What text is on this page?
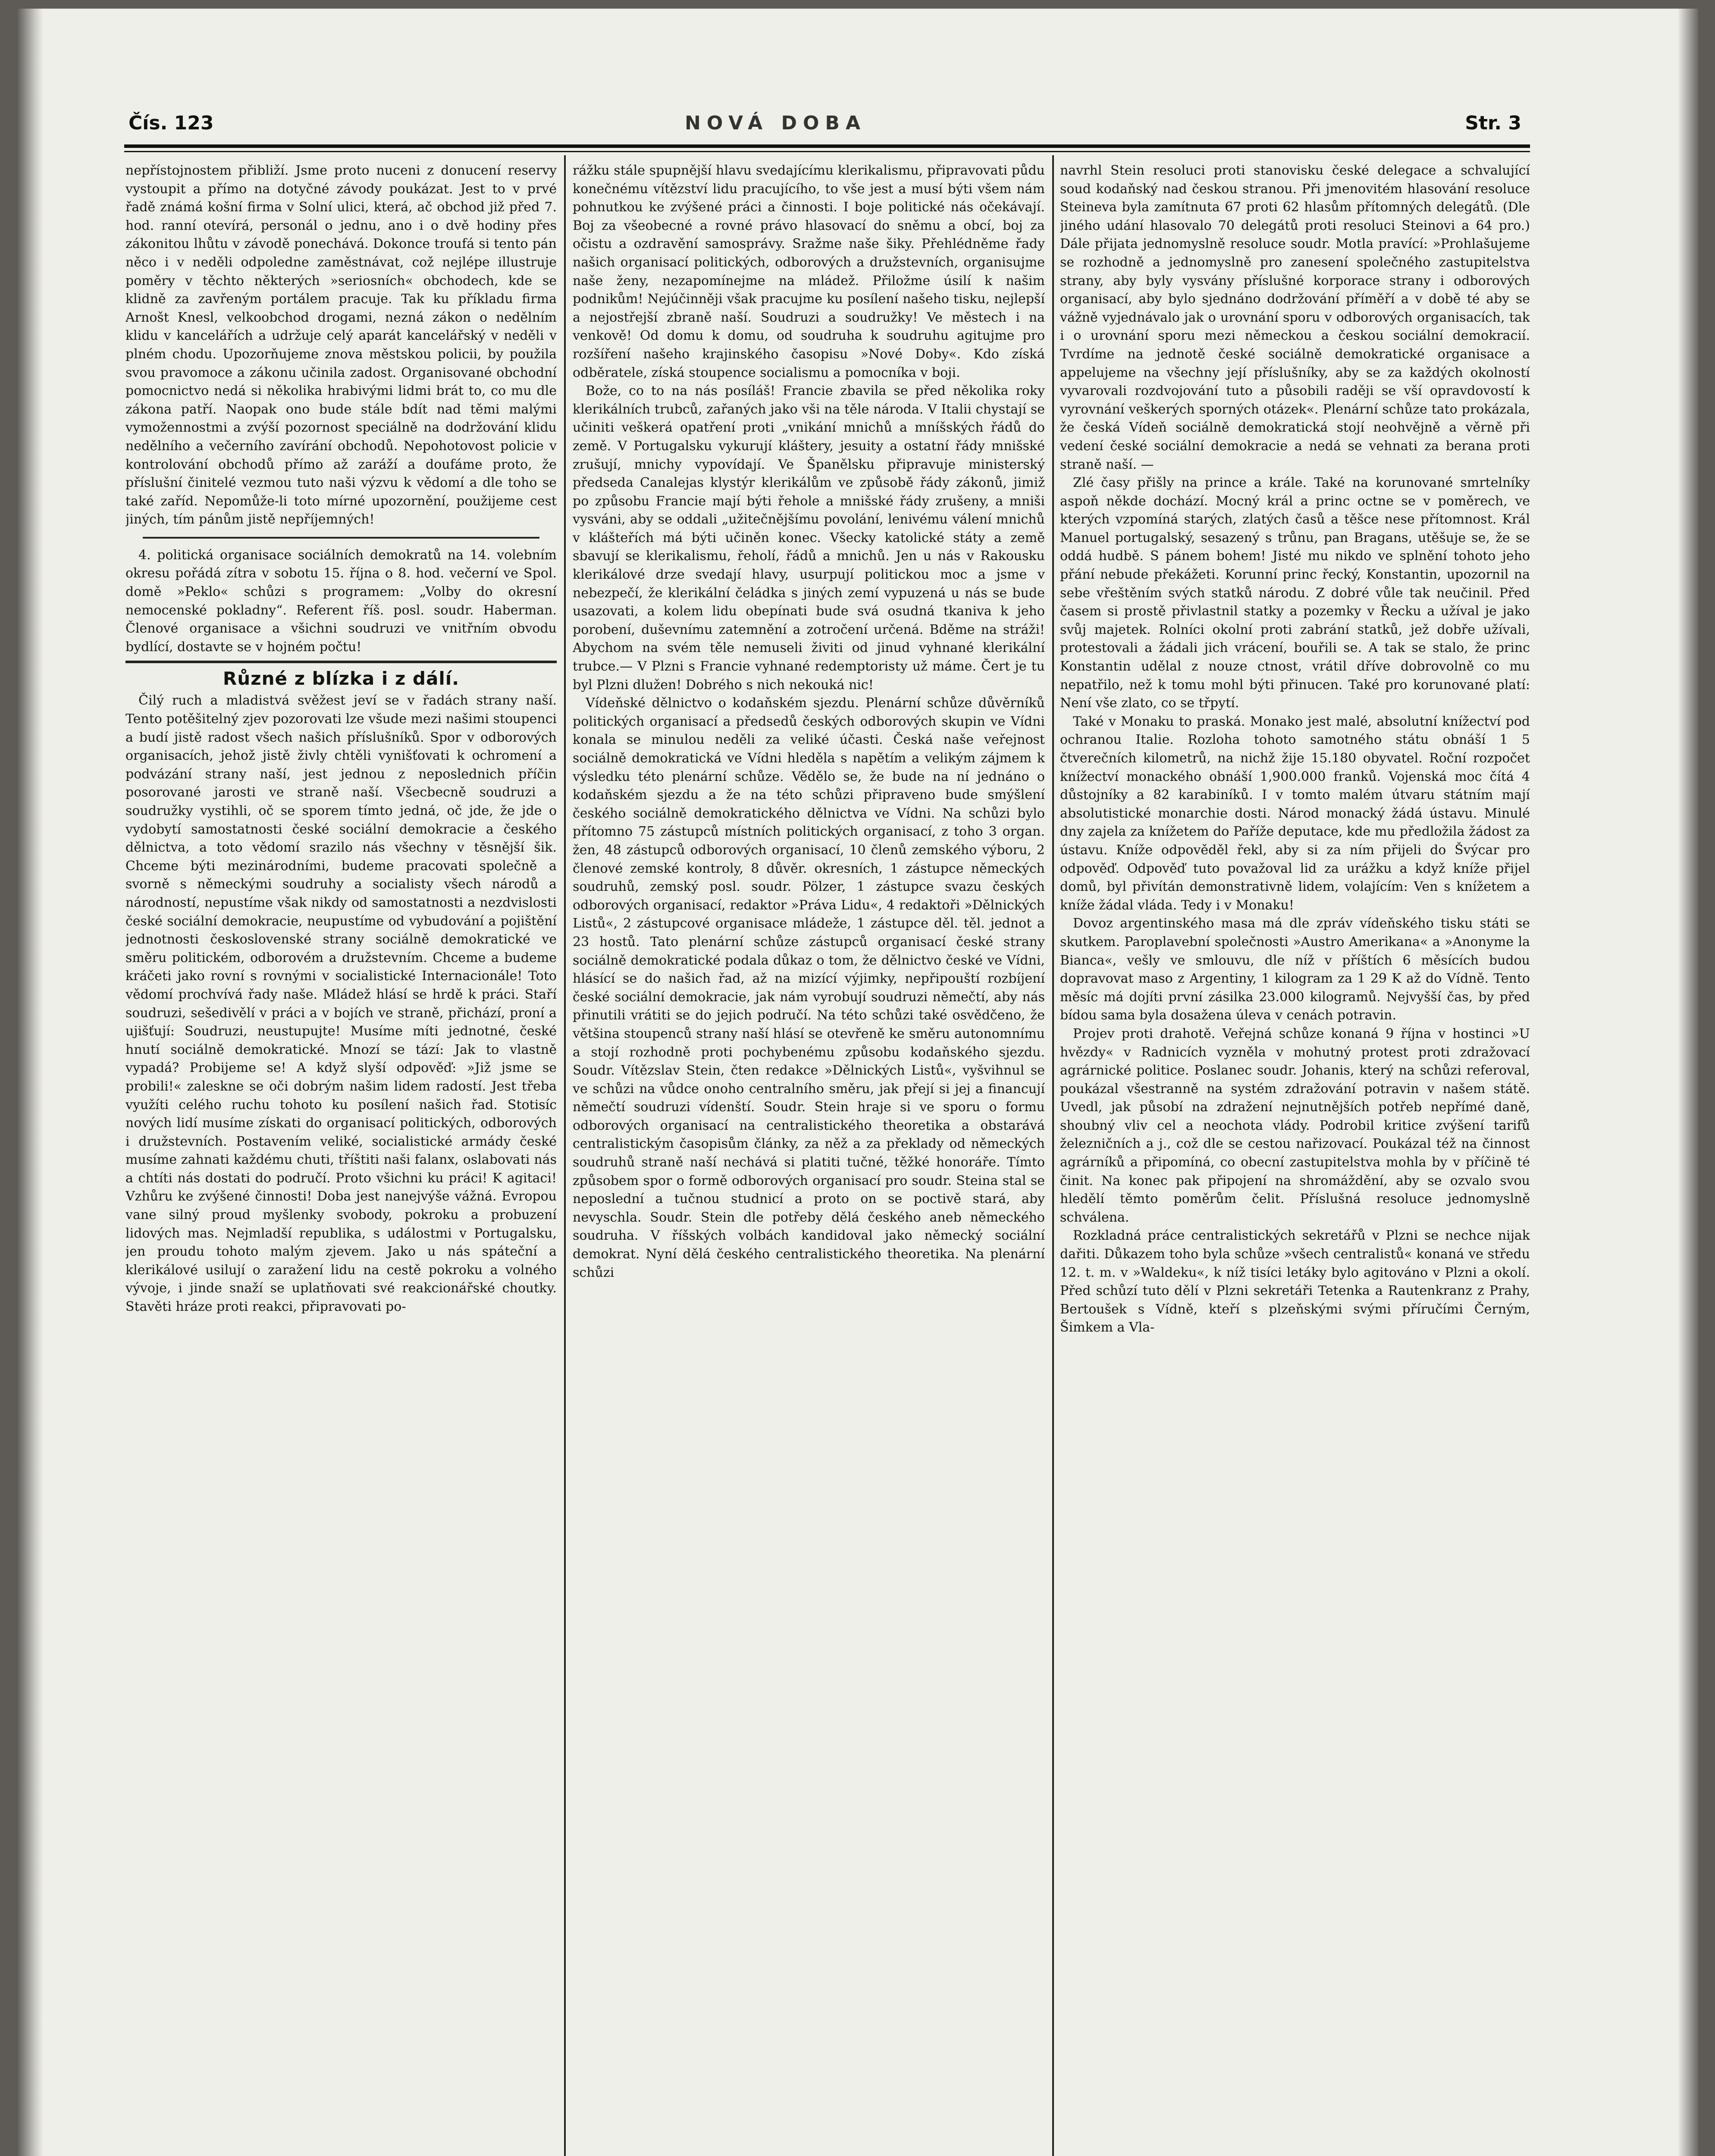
Čís. 123	NOVÁ DOBA	Str. 3

nepřístojnostem přibliží. Jsme proto nuceni z donucení reservy vystoupit a přímo na dotyčné závody poukázat. Jest to v prvé řadě známá košní firma v Solní ulici, která, ač obchod již před 7. hod. ranní otevírá, personál o jednu, ano i o dvě hodiny přes zákonitou lhůtu v závodě ponechává. Dokonce troufá si tento pán něco i v neděli odpoledne zaměstnávat, což nejlépe illustruje poměry v těchto některých »seriosních« obchodech, kde se klidně za zavřeným portálem pracuje. Tak ku příkladu firma Arnošt Knesl, velkoobchod drogami, nezná zákon o nedělním klidu v kancelářích a udržuje celý aparát kancelářský v neděli v plném chodu. Upozorňujeme znova městskou policii, by použila svou pravomoce a zákonu učinila zadost. Organisované obchodní pomocnictvo nedá si několika hrabivými lidmi brát to, co mu dle zákona patří. Naopak ono bude stále bdít nad těmi malými vymožennostmi a zvýší pozornost speciálně na dodržování klidu nedělního a večerního zavírání obchodů. Nepohotovost policie v kontrolování obchodů přímo až zaráží a doufáme proto, že příslušní činitelé vezmou tuto naši výzvu k vědomí a dle toho se také zaříd. Nepomůže-li toto mírné upozornění, použijeme cest jiných, tím pánům jistě nepříjemných!

4. politická organisace sociálních demokratů na 14. volebním okresu pořádá zítra v sobotu 15. října o 8. hod. večerní ve Spol. domě »Peklo« schůzi s programem: „Volby do okresní nemocenské pokladny“. Referent říš. posl. soudr. Haberman. Členové organisace a všichni soudruzi ve vnitřním obvodu bydlící, dostavte se v hojném počtu!

Různé z blízka i z dálí.

Čilý ruch a mladistvá svěžest jeví se v řadách strany naší. Tento potěšitelný zjev pozorovati lze všude mezi našimi stoupenci a budí jistě radost všech našich příslušníků. Spor v odborových organisacích, jehož jistě živly chtěli vynišťovati k ochromení a podvázání strany naší, jest jednou z neposlednich příčin posorované jarosti ve straně naší. Všecbecně soudruzi a soudružky vystihli, oč se sporem tímto jedná, oč jde, že jde o vydobytí samostatnosti české sociální demokracie a českého dělnictva, a toto vědomí srazilo nás všechny v těsnější šik. Chceme býti mezinárodními, budeme pracovati společně a svorně s německými soudruhy a socialisty všech národů a národností, nepustíme však nikdy od samostatnosti a nezdvislosti české sociální demokracie, neupustíme od vybudování a pojištění jednotnosti československé strany sociálně demokratické ve směru politickém, odborovém a družstevním. Chceme a budeme kráčeti jako rovní s rovnými v socialistické Internacionále! Toto vědomí prochvívá řady naše. Mládež hlásí se hrdě k práci. Staří soudruzi, sešedivělí v práci a v bojích ve straně, přichází, proní a ujišťují: Soudruzi, neustupujte! Musíme míti jednotné, české hnutí sociálně demokratické. Mnozí se tází: Jak to vlastně vypadá? Probijeme se! A když slyší odpověď: »Již jsme se probili!« zaleskne se oči dobrým našim lidem radostí. Jest třeba využíti celého ruchu tohoto ku posílení našich řad. Stotisíc nových lidí musíme získati do organisací politických, odborových i družstevních. Postavením veliké, socialistické armády české musíme zahnati každému chuti, tříštiti naši falanx, oslabovati nás a chtíti nás dostati do područí. Proto všichni ku práci! K agitaci! Vzhůru ke zvýšené činnosti! Doba jest nanejvýše vážná. Evropou vane silný proud myšlenky svobody, pokroku a probuzení lidových mas. Nejmladší republika, s událostmi v Portugalsku, jen proudu tohoto malým zjevem. Jako u nás spáteční a klerikálové usilují o zaražení lidu na cestě pokroku a volného vývoje, i jinde snaží se uplatňovati své reakcionářské choutky. Stavěti hráze proti reakci, připravovati po-

rážku stále spupnější hlavu svedajícímu klerikalismu, připravovati půdu konečnému vítězství lidu pracujícího, to vše jest a musí býti všem nám pohnutkou ke zvýšené práci a činnosti. I boje politické nás očekávají. Boj za všeobecné a rovné právo hlasovací do sněmu a obcí, boj za očistu a ozdravění samosprávy. Sražme naše šiky. Přehlédněme řady našich organisací politických, odborových a družstevních, organisujme naše ženy, nezapomínejme na mládež. Přiložme úsilí k našim podnikům! Nejúčinněji však pracujme ku posílení našeho tisku, nejlepší a nejostřejší zbraně naší. Soudruzi a soudružky! Ve městech i na venkově! Od domu k domu, od soudruha k soudruhu agitujme pro rozšíření našeho krajinského časopisu »Nové Doby«. Kdo získá odběratele, získá stoupence socialismu a pomocníka v boji.

Bože, co to na nás posíláš! Francie zbavila se před několika roky klerikálních trubců, zařaných jako vši na těle národa. V Italii chystají se učiniti veškerá opatření proti „vnikání mnichů a mníšských řádů do země. V Portugalsku vykurují kláštery, jesuity a ostatní řády mnišské zrušují, mnichy vypovídají. Ve Španělsku připravuje ministerský předseda Canalejas klystýr klerikálům ve způsobě řády zákonů, jimiž po způsobu Francie mají býti řehole a mnišské řády zrušeny, a mniši vysváni, aby se oddali „užitečnějšímu povolání, lenivému válení mnichů v klášteřích má býti učiněn konec. Všecky katolické státy a země sbavují se klerikalismu, řeholí, řádů a mnichů. Jen u nás v Rakousku klerikálové drze svedají hlavy, usurpují politickou moc a jsme v nebezpečí, že klerikální čeládka s jiných zemí vypuzená u nás se bude usazovati, a kolem lidu obepínati bude svá osudná tkaniva k jeho porobení, duševnímu zatemnění a zotročení určená. Bděme na stráži! Abychom na svém těle nemuseli živiti od jinud vyhnané klerikální trubce.— V Plzni s Francie vyhnané redemptoristy už máme. Čert je tu byl Plzni dlužen! Dobrého s nich nekouká nic!

Vídeňské dělnictvo o kodaňském sjezdu. Plenární schůze důvěrníků politických organisací a předsedů českých odborových skupin ve Vídni konala se minulou neděli za veliké účasti. Česká naše veřejnost sociálně demokratická ve Vídni hleděla s napětím a velikým zájmem k výsledku této plenární schůze. Vědělo se, že bude na ní jednáno o kodaňském sjezdu a že na této schůzi připraveno bude smýšlení českého sociálně demokratického dělnictva ve Vídni. Na schůzi bylo přítomno 75 zástupců místních politických organisací, z toho 3 organ. žen, 48 zástupců odborových organisací, 10 členů zemského výboru, 2 členové zemské kontroly, 8 důvěr. okresních, 1 zástupce německých soudruhů, zemský posl. soudr. Pölzer, 1 zástupce svazu českých odborových organisací, redaktor »Práva Lidu«, 4 redaktoři »Dělnických Listů«, 2 zástupcové organisace mládeže, 1 zástupce děl. těl. jednot a 23 hostů. Tato plenární schůze zástupců organisací české strany sociálně demokratické podala důkaz o tom, že dělnictvo české ve Vídni, hlásící se do našich řad, až na mizící výjimky, nepřipouští rozbíjení české sociální demokracie, jak nám vyrobují soudruzi němečtí, aby nás přinutili vrátiti se do jejich područí. Na této schůzi také osvědčeno, že většina stoupenců strany naší hlásí se otevřeně ke směru autonomnímu a stojí rozhodně proti pochybenému způsobu kodaňského sjezdu. Soudr. Vítězslav Stein, čten redakce »Dělnických Listů«, vyšvihnul se ve schůzi na vůdce onoho centralního směru, jak přejí si jej a financují němečtí soudruzi vídenští. Soudr. Stein hraje si ve sporu o formu odborových organisací na centralistického theoretika a obstarává centralistickým časopisům články, za něž a za překlady od německých soudruhů straně naší nechává si platiti tučné, těžké honoráře. Tímto způsobem spor o formě odborových organisací pro soudr. Steina stal se neposlední a tučnou studnicí a proto on se poctivě stará, aby nevyschla. Soudr. Stein dle potřeby dělá českého aneb německého soudruha. V říšských volbách kandidoval jako německý sociální demokrat. Nyní dělá českého centralistického theoretika. Na plenární schůzi

navrhl Stein resoluci proti stanovisku české delegace a schvalující soud kodaňský nad českou stranou. Při jmenovitém hlasování resoluce Steineva byla zamítnuta 67 proti 62 hlasům přítomných delegátů. (Dle jiného udání hlasovalo 70 delegátů proti resoluci Steinovi a 64 pro.) Dále přijata jednomyslně resoluce soudr. Motla pravící: »Prohlašujeme se rozhodně a jednomyslně pro zanesení společného zastupitelstva strany, aby byly vysvány příslušné korporace strany i odborových organisací, aby bylo sjednáno dodržování příměří a v době té aby se vážně vyjednávalo jak o urovnání sporu v odborových organisacích, tak i o urovnání sporu mezi německou a českou sociální demokracií. Tvrdíme na jednotě české sociálně demokratické organisace a appelujeme na všechny její příslušníky, aby se za každých okolností vyvarovali rozdvojování tuto a působili raději se vší opravdovostí k vyrovnání veškerých sporných otázek«. Plenární schůze tato prokázala, že česká Vídeň sociálně demokratická stojí neohvějně a věrně při vedení české sociální demokracie a nedá se vehnati za berana proti straně naší. —

Zlé časy přišly na prince a krále. Také na korunované smrtelníky aspoň někde dochází. Mocný král a princ octne se v poměrech, ve kterých vzpomíná starých, zlatých časů a těšce nese přítomnost. Král Manuel portugalský, sesazený s trůnu, pan Bragans, utěšuje se, že se oddá hudbě. S pánem bohem! Jisté mu nikdo ve splnění tohoto jeho přání nebude překážeti. Korunní princ řecký, Konstantin, upozornil na sebe vřeštěním svých statků národu. Z dobré vůle tak neučinil. Před časem si prostě přivlastnil statky a pozemky v Řecku a užíval je jako svůj majetek. Rolníci okolní proti zabrání statků, jež dobře užívali, protestovali a žádali jich vrácení, bouřili se. A tak se stalo, že princ Konstantin udělal z nouze ctnost, vrátil dříve dobrovolně co mu nepatřilo, než k tomu mohl býti přinucen. Také pro korunované platí: Není vše zlato, co se třpytí.

Také v Monaku to praská. Monako jest malé, absolutní knížectví pod ochranou Italie. Rozloha tohoto samotného státu obnáší 1 5 čtverečních kilometrů, na nichž žije 15.180 obyvatel. Roční rozpočet knížectví monackého obnáší 1,900.000 franků. Vojenská moc čítá 4 důstojníky a 82 karabiníků. I v tomto malém útvaru státním mají absolutistické monarchie dosti. Národ monacký žádá ústavu. Minulé dny zajela za knížetem do Paříže deputace, kde mu předložila žádost za ústavu. Kníže odpověděl řekl, aby si za ním přijeli do Švýcar pro odpověď. Odpověď tuto považoval lid za urážku a když kníže přijel domů, byl přivítán demonstrativně lidem, volajícím: Ven s knížetem a kníže žádal vláda. Tedy i v Monaku!

Dovoz argentinského masa má dle zpráv vídeňského tisku státi se skutkem. Paroplavební společnosti »Austro Amerikana« a »Anonyme la Bianca«, vešly ve smlouvu, dle níž v příštích 6 měsících budou dopravovat maso z Argentiny, 1 kilogram za 1 29 K až do Vídně. Tento měsíc má dojíti první zásilka 23.000 kilogramů. Nejvyšší čas, by před bídou sama byla dosažena úleva v cenách potravin.

Projev proti drahotě. Veřejná schůze konaná 9 října v hostinci »U hvězdy« v Radnicích vyzněla v mohutný protest proti zdražovací agrárnické politice. Poslanec soudr. Johanis, který na schůzi referoval, poukázal všestranně na systém zdražování potravin v našem státě. Uvedl, jak působí na zdražení nejnutnějších potřeb nepřímé daně, shoubný vliv cel a neochota vlády. Podrobil kritice zvýšení tarifů železničních a j., což dle se cestou nařizovací. Poukázal též na činnost agrárníků a připomíná, co obecní zastupitelstva mohla by v příčině té činit. Na konec pak připojení na shromáždění, aby se ozvalo svou hledělí těmto poměrům čelit. Příslušná resoluce jednomyslně schválena.

Rozkladná práce centralistických sekretářů v Plzni se nechce nijak dařiti. Důkazem toho byla schůze »všech centralistů« konaná ve středu 12. t. m. v »Waldeku«, k níž tisíci letáky bylo agitováno v Plzni a okolí. Před schůzí tuto dělí v Plzni sekretáři Tetenka a Rautenkranz z Prahy, Bertoušek s Vídně, kteří s plzeňskými svými příručími Černým, Šimkem a Vla-
